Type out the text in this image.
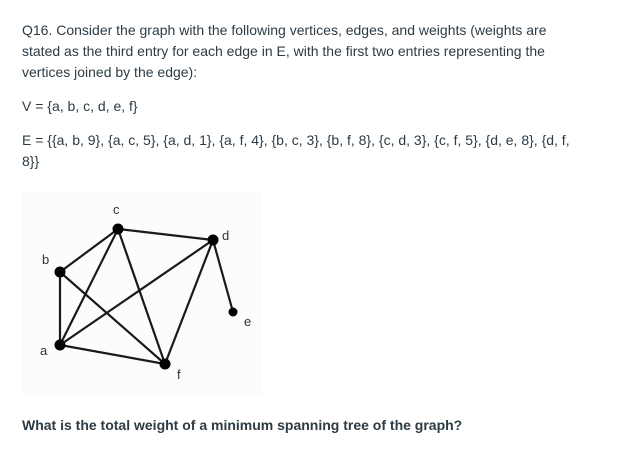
Q16. Consider the graph with the following vertices, edges, and weights (weights are stated as the third entry for each edge in E, with the first two entries representing the vertices joined by the edge):

V = {a, b, c, d, e, f}

E = {{a, b, 9}, {a, c, 5}, {a, d, 1}, {a, f, 4}, {b, c, 3}, {b, f, 8}, {c, d, 3}, {c, f, 5}, {d, e, 8}, {d, f, 8}}

a
b
c
d
e
f
What is the total weight of a minimum spanning tree of the graph?
